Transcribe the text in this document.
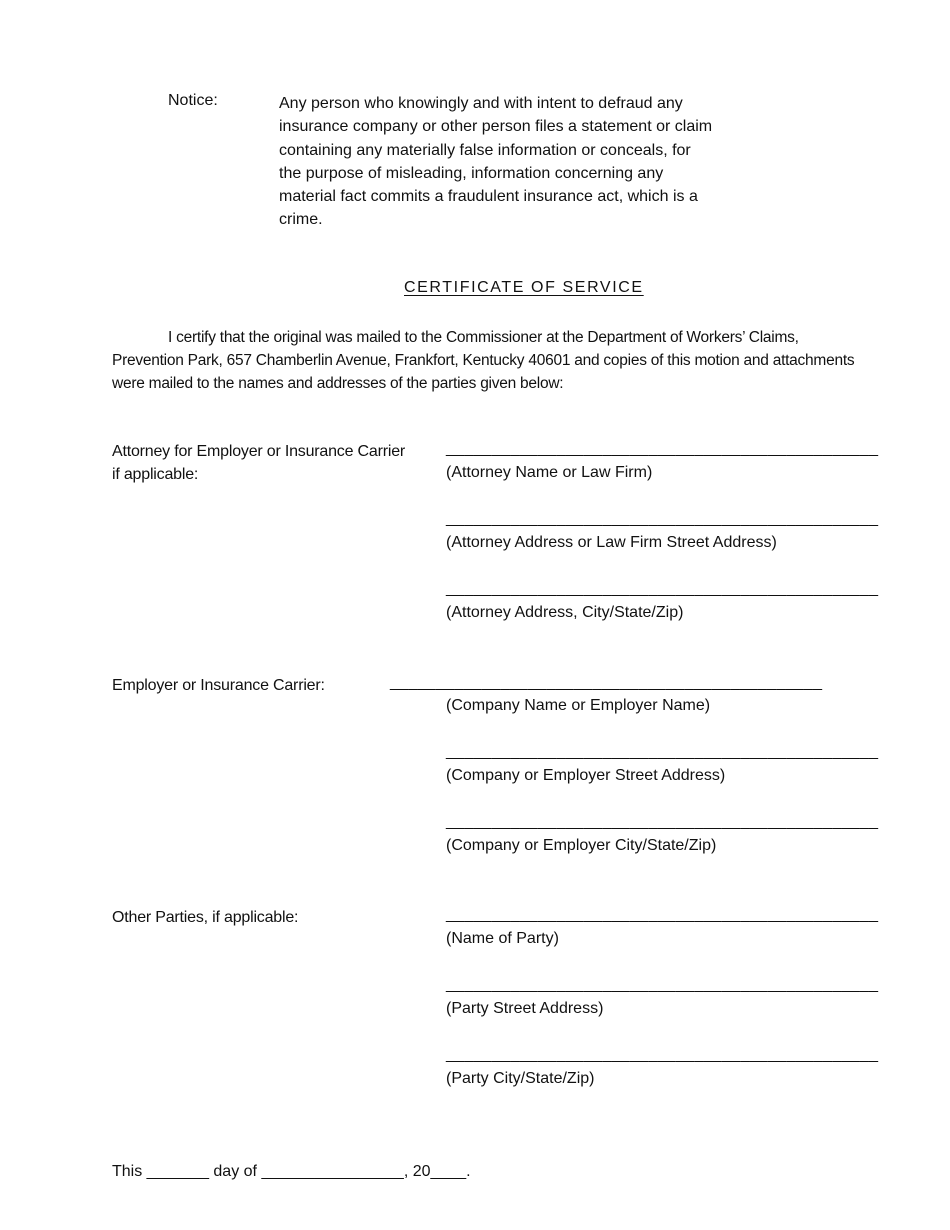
Notice:	Any person who knowingly and with intent to defraud any
insurance company or other person files a statement or claim
containing any materially false information or conceals, for
the purpose of misleading, information concerning any
material fact commits a fraudulent insurance act, which is a
crime.
CERTIFICATE OF SERVICE
I certify that the original was mailed to the Commissioner at the Department of Workers’ Claims,
Prevention Park, 657 Chamberlin Avenue, Frankfort, Kentucky 40601 and copies of this motion and attachments
were mailed to the names and addresses of the parties given below:
Attorney for Employer or Insurance Carrier
if applicable:
_______________________________________________
(Attorney Name or Law Firm)
_______________________________________________
(Attorney Address or Law Firm Street Address)
_______________________________________________
(Attorney Address, City/State/Zip)
Employer or Insurance Carrier:	_______________________________________________
(Company Name or Employer Name)
_______________________________________________
(Company or Employer Street Address)
_______________________________________________
(Company or Employer City/State/Zip)
Other Parties, if applicable:	_______________________________________________
(Name of Party)
_______________________________________________
(Party Street Address)
_______________________________________________
(Party City/State/Zip)
This _______ day of ________________, 20____.
